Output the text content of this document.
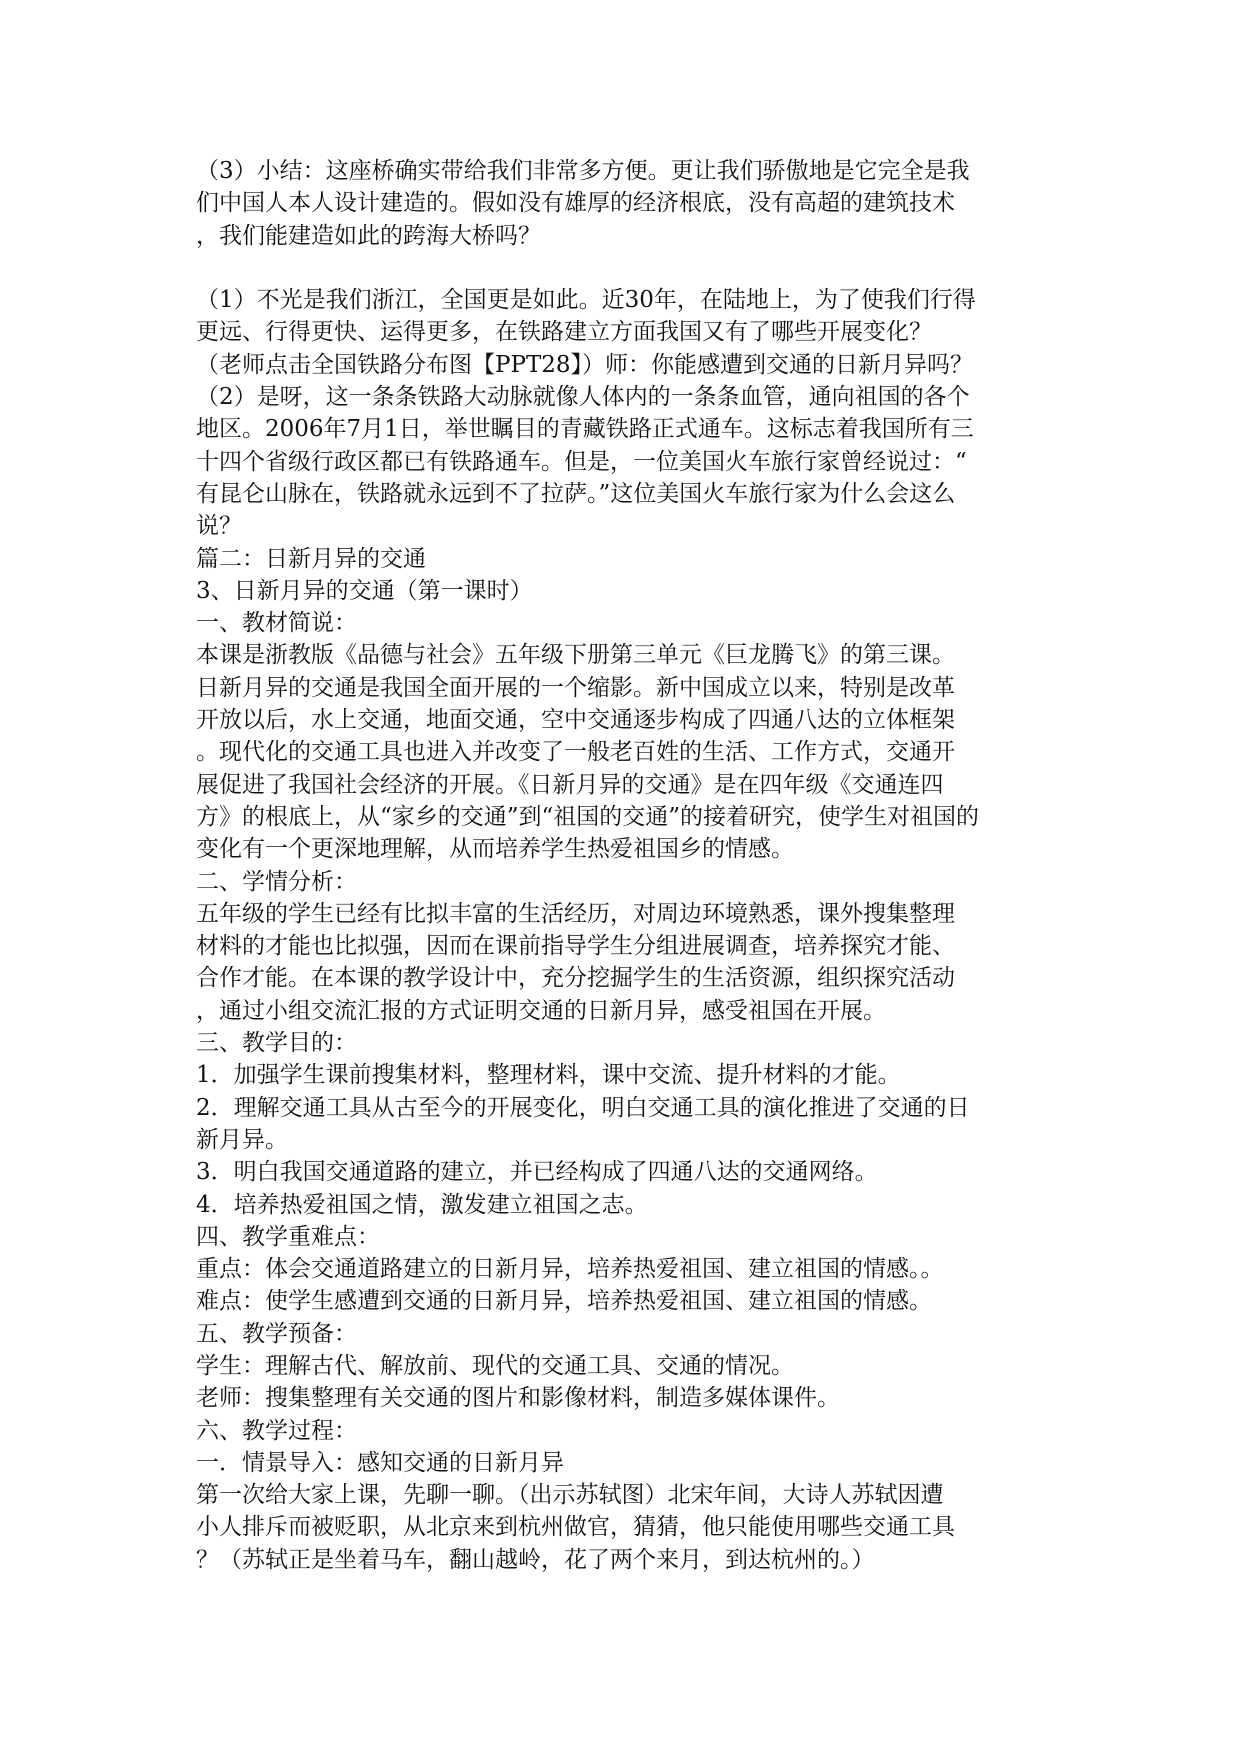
（3）小结：这座桥确实带给我们非常多方便。更让我们骄傲地是它完全是我
们中国人本人设计建造的。假如没有雄厚的经济根底，没有高超的建筑技术
，我们能建造如此的跨海大桥吗？
（1）不光是我们浙江，全国更是如此。近30年，在陆地上，为了使我们行得
更远、行得更快、运得更多，在铁路建立方面我国又有了哪些开展变化？
（老师点击全国铁路分布图【PPT28】）师：你能感遭到交通的日新月异吗？
（2）是呀，这一条条铁路大动脉就像人体内的一条条血管，通向祖国的各个
地区。2006年7月1日，举世瞩目的青藏铁路正式通车。这标志着我国所有三
十四个省级行政区都已有铁路通车。但是，一位美国火车旅行家曾经说过：“
有昆仑山脉在，铁路就永远到不了拉萨。”这位美国火车旅行家为什么会这么
说？
篇二：日新月异的交通
3、日新月异的交通（第一课时）
一、教材简说：
本课是浙教版《品德与社会》五年级下册第三单元《巨龙腾飞》的第三课。
日新月异的交通是我国全面开展的一个缩影。新中国成立以来，特别是改革
开放以后，水上交通，地面交通，空中交通逐步构成了四通八达的立体框架
。现代化的交通工具也进入并改变了一般老百姓的生活、工作方式，交通开
展促进了我国社会经济的开展。《日新月异的交通》是在四年级《交通连四
方》的根底上，从“家乡的交通”到“祖国的交通”的接着研究，使学生对祖国的
变化有一个更深地理解，从而培养学生热爱祖国乡的情感。
二、学情分析：
五年级的学生已经有比拟丰富的生活经历，对周边环境熟悉，课外搜集整理
材料的才能也比拟强，因而在课前指导学生分组进展调查，培养探究才能、
合作才能。在本课的教学设计中，充分挖掘学生的生活资源，组织探究活动
，通过小组交流汇报的方式证明交通的日新月异，感受祖国在开展。
三、教学目的：
1．加强学生课前搜集材料，整理材料，课中交流、提升材料的才能。
2．理解交通工具从古至今的开展变化，明白交通工具的演化推进了交通的日
新月异。
3．明白我国交通道路的建立，并已经构成了四通八达的交通网络。
4．培养热爱祖国之情，激发建立祖国之志。
四、教学重难点：
重点：体会交通道路建立的日新月异，培养热爱祖国、建立祖国的情感。。
难点：使学生感遭到交通的日新月异，培养热爱祖国、建立祖国的情感。
五、教学预备：
学生：理解古代、解放前、现代的交通工具、交通的情况。
老师：搜集整理有关交通的图片和影像材料，制造多媒体课件。
六、教学过程：
一．情景导入：感知交通的日新月异
第一次给大家上课，先聊一聊。（出示苏轼图）北宋年间，大诗人苏轼因遭
小人排斥而被贬职，从北京来到杭州做官，猜猜，他只能使用哪些交通工具
？（苏轼正是坐着马车，翻山越岭，花了两个来月，到达杭州的。）
